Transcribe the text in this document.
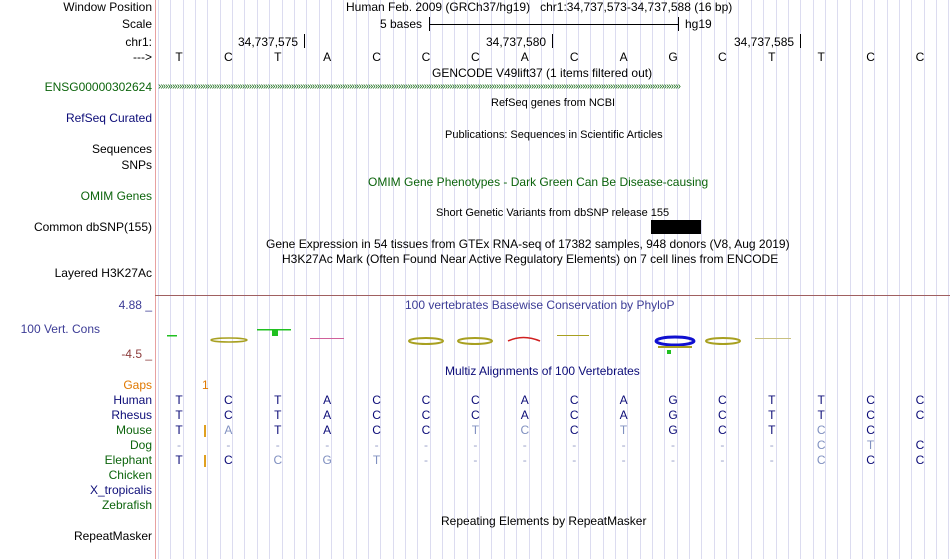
Window Position	Human Feb. 2009 (GRCh37/hg19)   chr1:34,737,573-34,737,588 (16 bp)
Scale	5 bases	hg19
chr1:	34,737,575	34,737,580	34,737,585
---> T	C	T	A	C	C	C	A	C	A	G	C	T	T	C	C
GENCODE V49lift37 (1 items filtered out)
ENSG00000302624 ››››››››››››››››››››››››››››››››››››››››››››››››››››››››››››››››››››››››››››››››››››››››››››››››››››››››››››››››››››››››››››››››››››››››››››››››››››››››››››››››››››››››››››››››››››››››››››››››››››››››››››››››››››››››››››››››
RefSeq genes from NCBI
RefSeq Curated
Publications: Sequences in Scientific Articles
Sequences
SNPs
OMIM Gene Phenotypes - Dark Green Can Be Disease-causing
OMIM Genes
Short Genetic Variants from dbSNP release 155
Common dbSNP(155)
Gene Expression in 54 tissues from GTEx RNA-seq of 17382 samples, 948 donors (V8, Aug 2019)
H3K27Ac Mark (Often Found Near Active Regulatory Elements) on 7 cell lines from ENCODE
Layered H3K27Ac
100 vertebrates Basewise Conservation by PhyloP
4.88 _
100 Vert. Cons
-4.5 _
Multiz Alignments of 100 Vertebrates
Gaps	1
Human T	C	T	A	C	C	C	A	C	A	G	C	T	T	C	C
Rhesus T	C	T	A	C	C	C	A	C	A	G	C	T	T	C	C
Mouse T	A	T	A	C	C	T	C	C	T	G	C	T	C	C
Dog	-	-	-	-	-	-	-	-	-	-	-	-	-	C	T	C
Elephant T	C	C	G	T	-	-	-	-	-	-	-	-	C	C	C
Chicken
X_tropicalis
Zebrafish
Repeating Elements by RepeatMasker
RepeatMasker
